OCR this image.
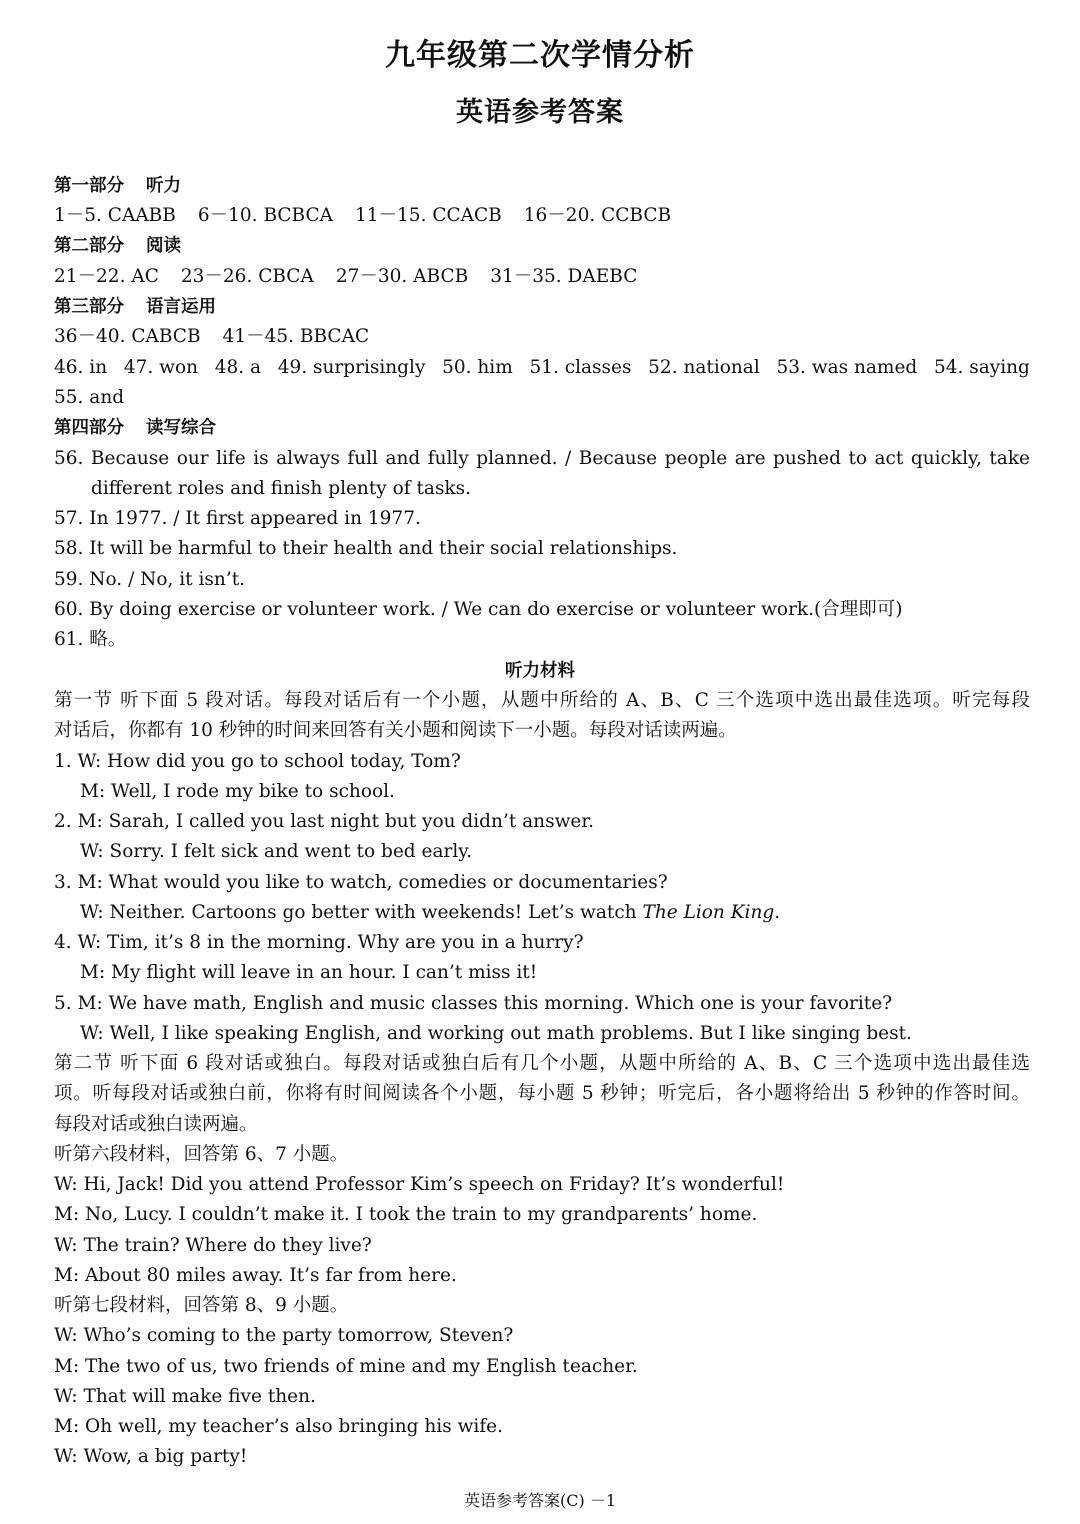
九年级第二次学情分析
英语参考答案
第一部分 听力
1－5. CAABB 6－10. BCBCA 11－15. CCACB 16－20. CCBCB
第二部分 阅读
21－22. AC 23－26. CBCA 27－30. ABCB 31－35. DAEBC
第三部分 语言运用
36－40. CABCB 41－45. BBCAC
46. in 47. won 48. a 49. surprisingly 50. him 51. classes 52. national 53. was named 54. saying
55. and
第四部分 读写综合
56. Because our life is always full and fully planned. / Because people are pushed to act quickly, take
different roles and finish plenty of tasks.
57. In 1977. / It first appeared in 1977.
58. It will be harmful to their health and their social relationships.
59. No. / No, it isn’t.
60. By doing exercise or volunteer work. / We can do exercise or volunteer work.(合理即可)
61. 略。
听力材料
第一节 听下面 5 段对话。每段对话后有一个小题，从题中所给的 A、B、C 三个选项中选出最佳选项。听完每段
对话后，你都有 10 秒钟的时间来回答有关小题和阅读下一小题。每段对话读两遍。
1. W: How did you go to school today, Tom?
M: Well, I rode my bike to school.
2. M: Sarah, I called you last night but you didn’t answer.
W: Sorry. I felt sick and went to bed early.
3. M: What would you like to watch, comedies or documentaries?
W: Neither. Cartoons go better with weekends! Let’s watch The Lion King.
4. W: Tim, it’s 8 in the morning. Why are you in a hurry?
M: My flight will leave in an hour. I can’t miss it!
5. M: We have math, English and music classes this morning. Which one is your favorite?
W: Well, I like speaking English, and working out math problems. But I like singing best.
第二节 听下面 6 段对话或独白。每段对话或独白后有几个小题，从题中所给的 A、B、C 三个选项中选出最佳选
项。听每段对话或独白前，你将有时间阅读各个小题，每小题 5 秒钟；听完后，各小题将给出 5 秒钟的作答时间。
每段对话或独白读两遍。
听第六段材料，回答第 6、7 小题。
W: Hi, Jack! Did you attend Professor Kim’s speech on Friday? It’s wonderful!
M: No, Lucy. I couldn’t make it. I took the train to my grandparents’ home.
W: The train? Where do they live?
M: About 80 miles away. It’s far from here.
听第七段材料，回答第 8、9 小题。
W: Who’s coming to the party tomorrow, Steven?
M: The two of us, two friends of mine and my English teacher.
W: That will make five then.
M: Oh well, my teacher’s also bringing his wife.
W: Wow, a big party!
英语参考答案(C) －1
